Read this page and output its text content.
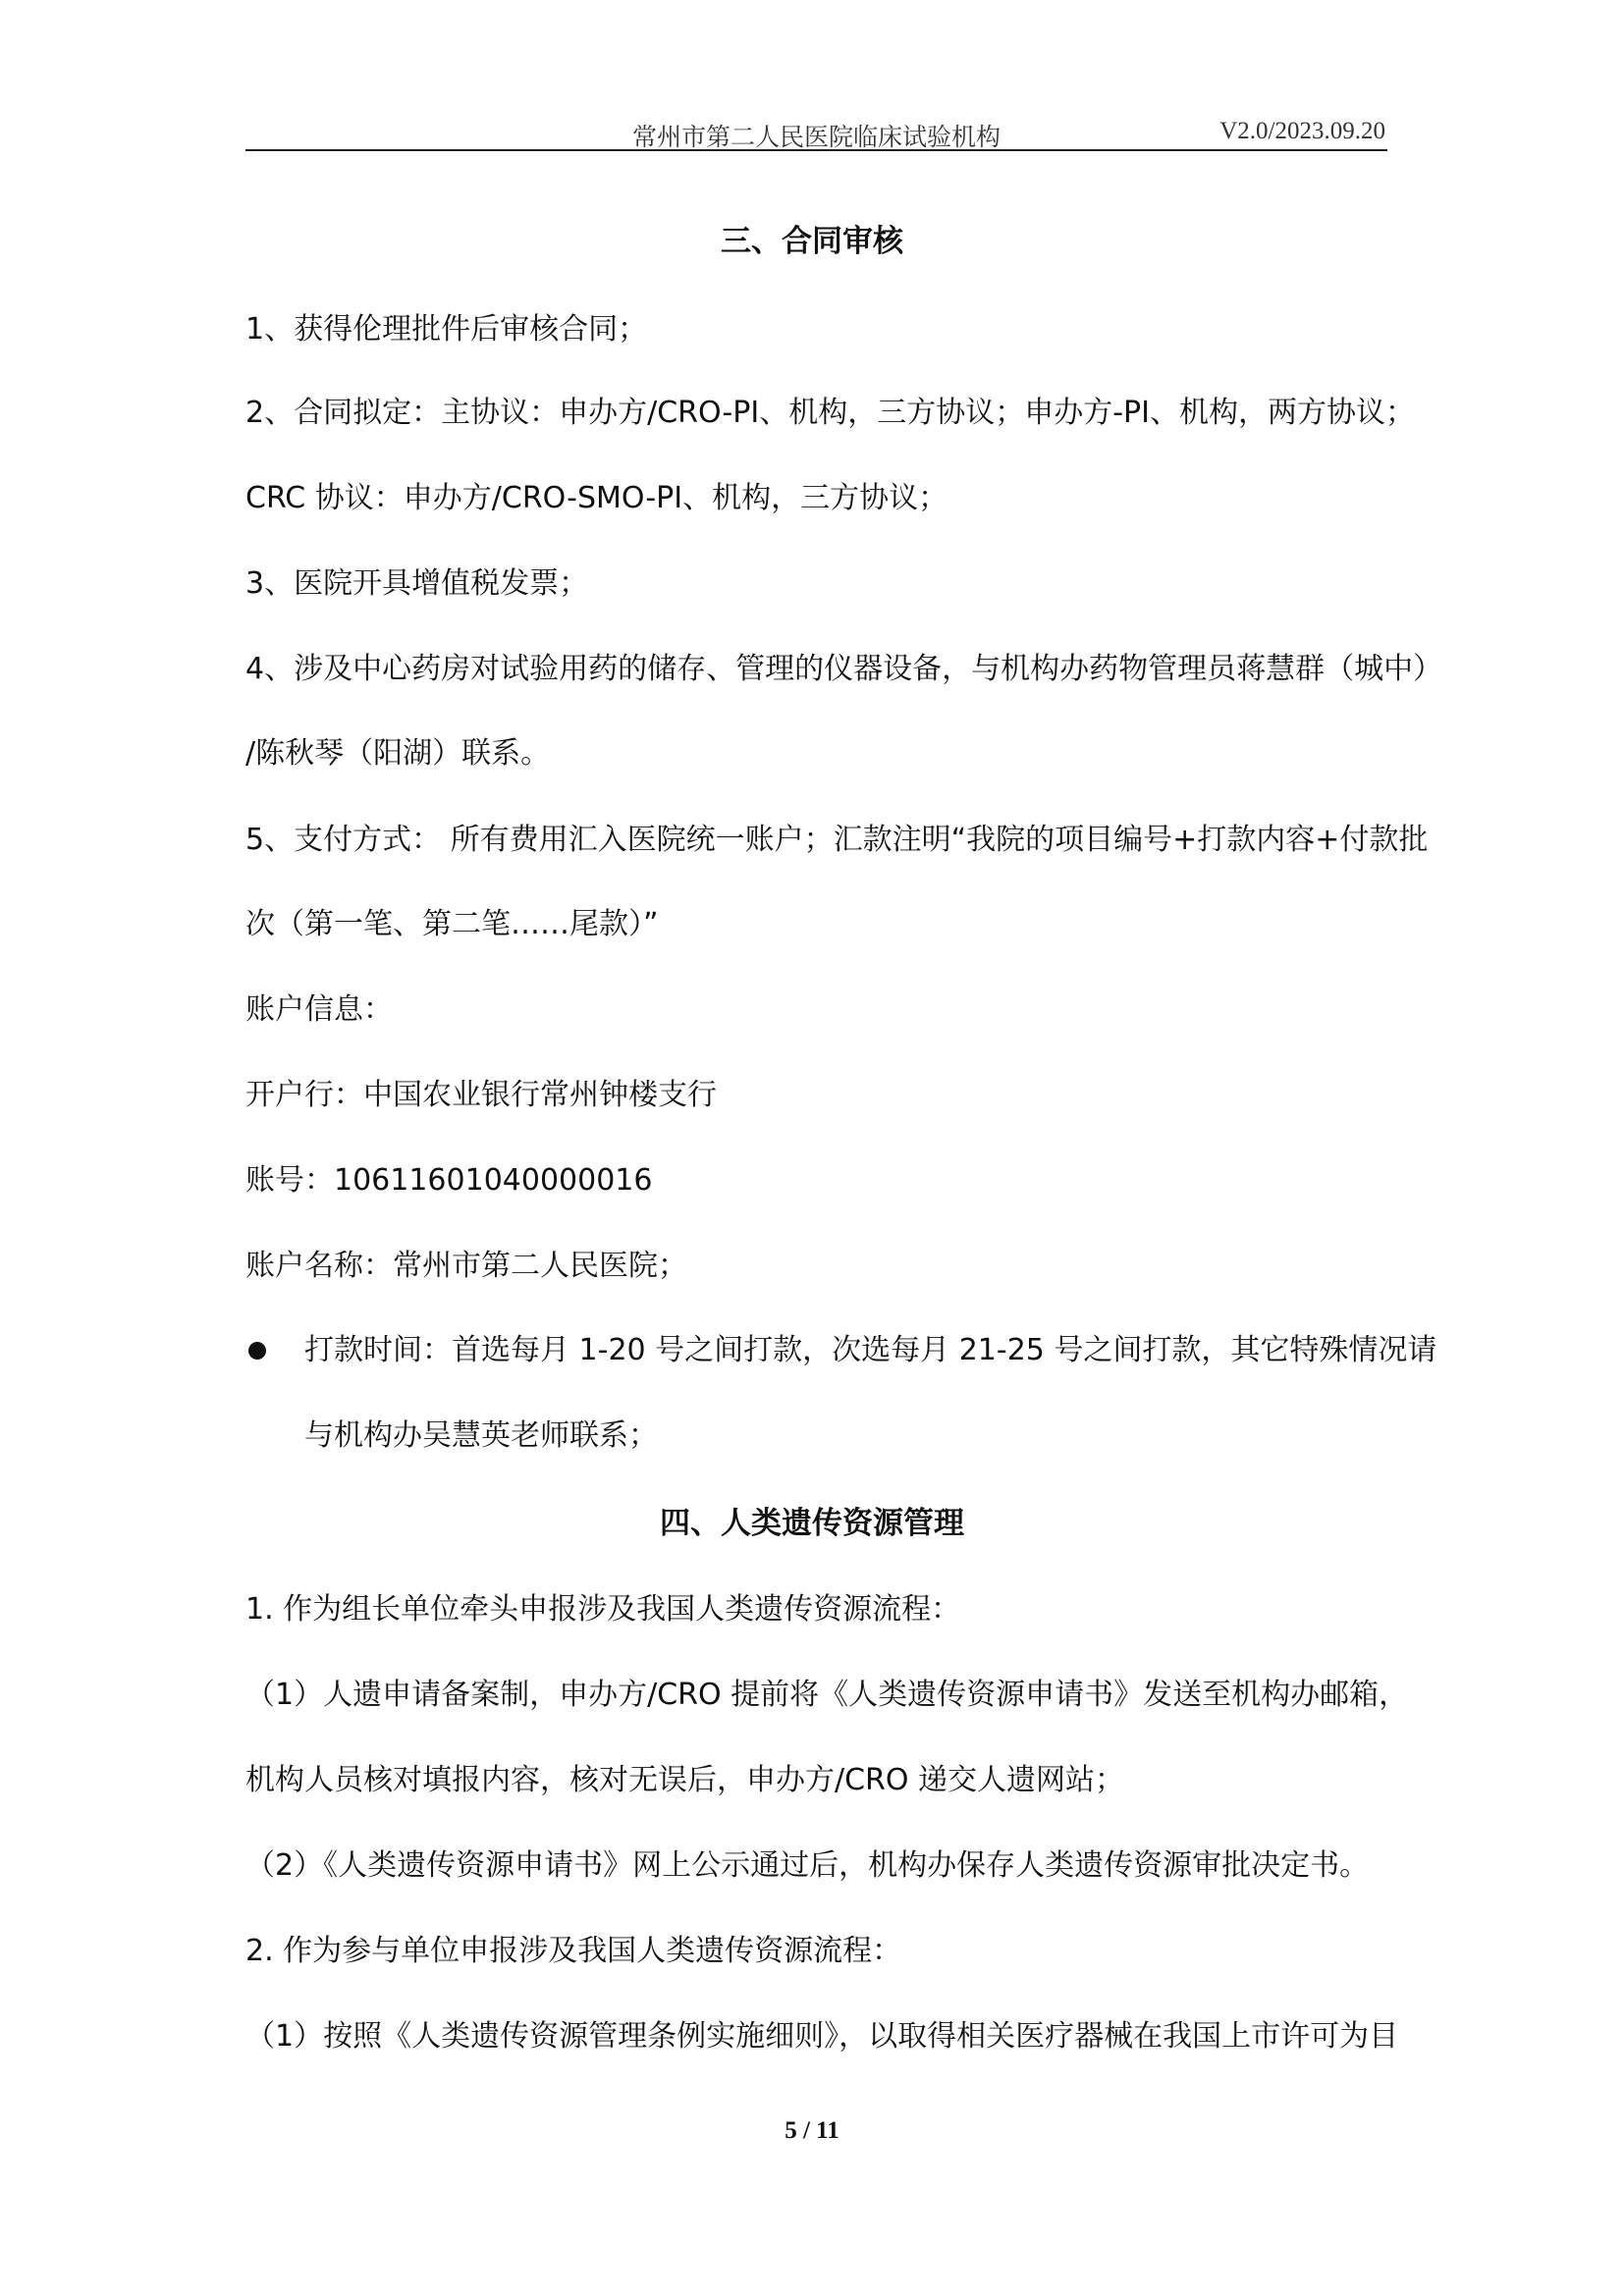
常州市第二人民医院临床试验机构	V2.0/2023.09.20
三、合同审核
1、获得伦理批件后审核合同；
2、合同拟定：主协议：申办方/CRO-PI、机构，三方协议；申办方-PI、机构，两方协议；
CRC 协议：申办方/CRO-SMO-PI、机构，三方协议；
3、医院开具增值税发票；
4、涉及中心药房对试验用药的储存、管理的仪器设备，与机构办药物管理员蒋慧群（城中）
/陈秋琴（阳湖）联系。
5、支付方式： 所有费用汇入医院统一账户；汇款注明“我院的项目编号+打款内容+付款批
次（第一笔、第二笔……尾款）”
账户信息：
开户行：中国农业银行常州钟楼支行
账号：10611601040000016
账户名称：常州市第二人民医院；
打款时间：首选每月 1-20 号之间打款，次选每月 21-25 号之间打款，其它特殊情况请
与机构办吴慧英老师联系；
四、人类遗传资源管理
1. 作为组长单位牵头申报涉及我国人类遗传资源流程：
（1）人遗申请备案制，申办方/CRO 提前将《人类遗传资源申请书》发送至机构办邮箱，
机构人员核对填报内容，核对无误后，申办方/CRO 递交人遗网站；
（2）《人类遗传资源申请书》网上公示通过后，机构办保存人类遗传资源审批决定书。
2. 作为参与单位申报涉及我国人类遗传资源流程：
（1）按照《人类遗传资源管理条例实施细则》，以取得相关医疗器械在我国上市许可为目
5 / 11
